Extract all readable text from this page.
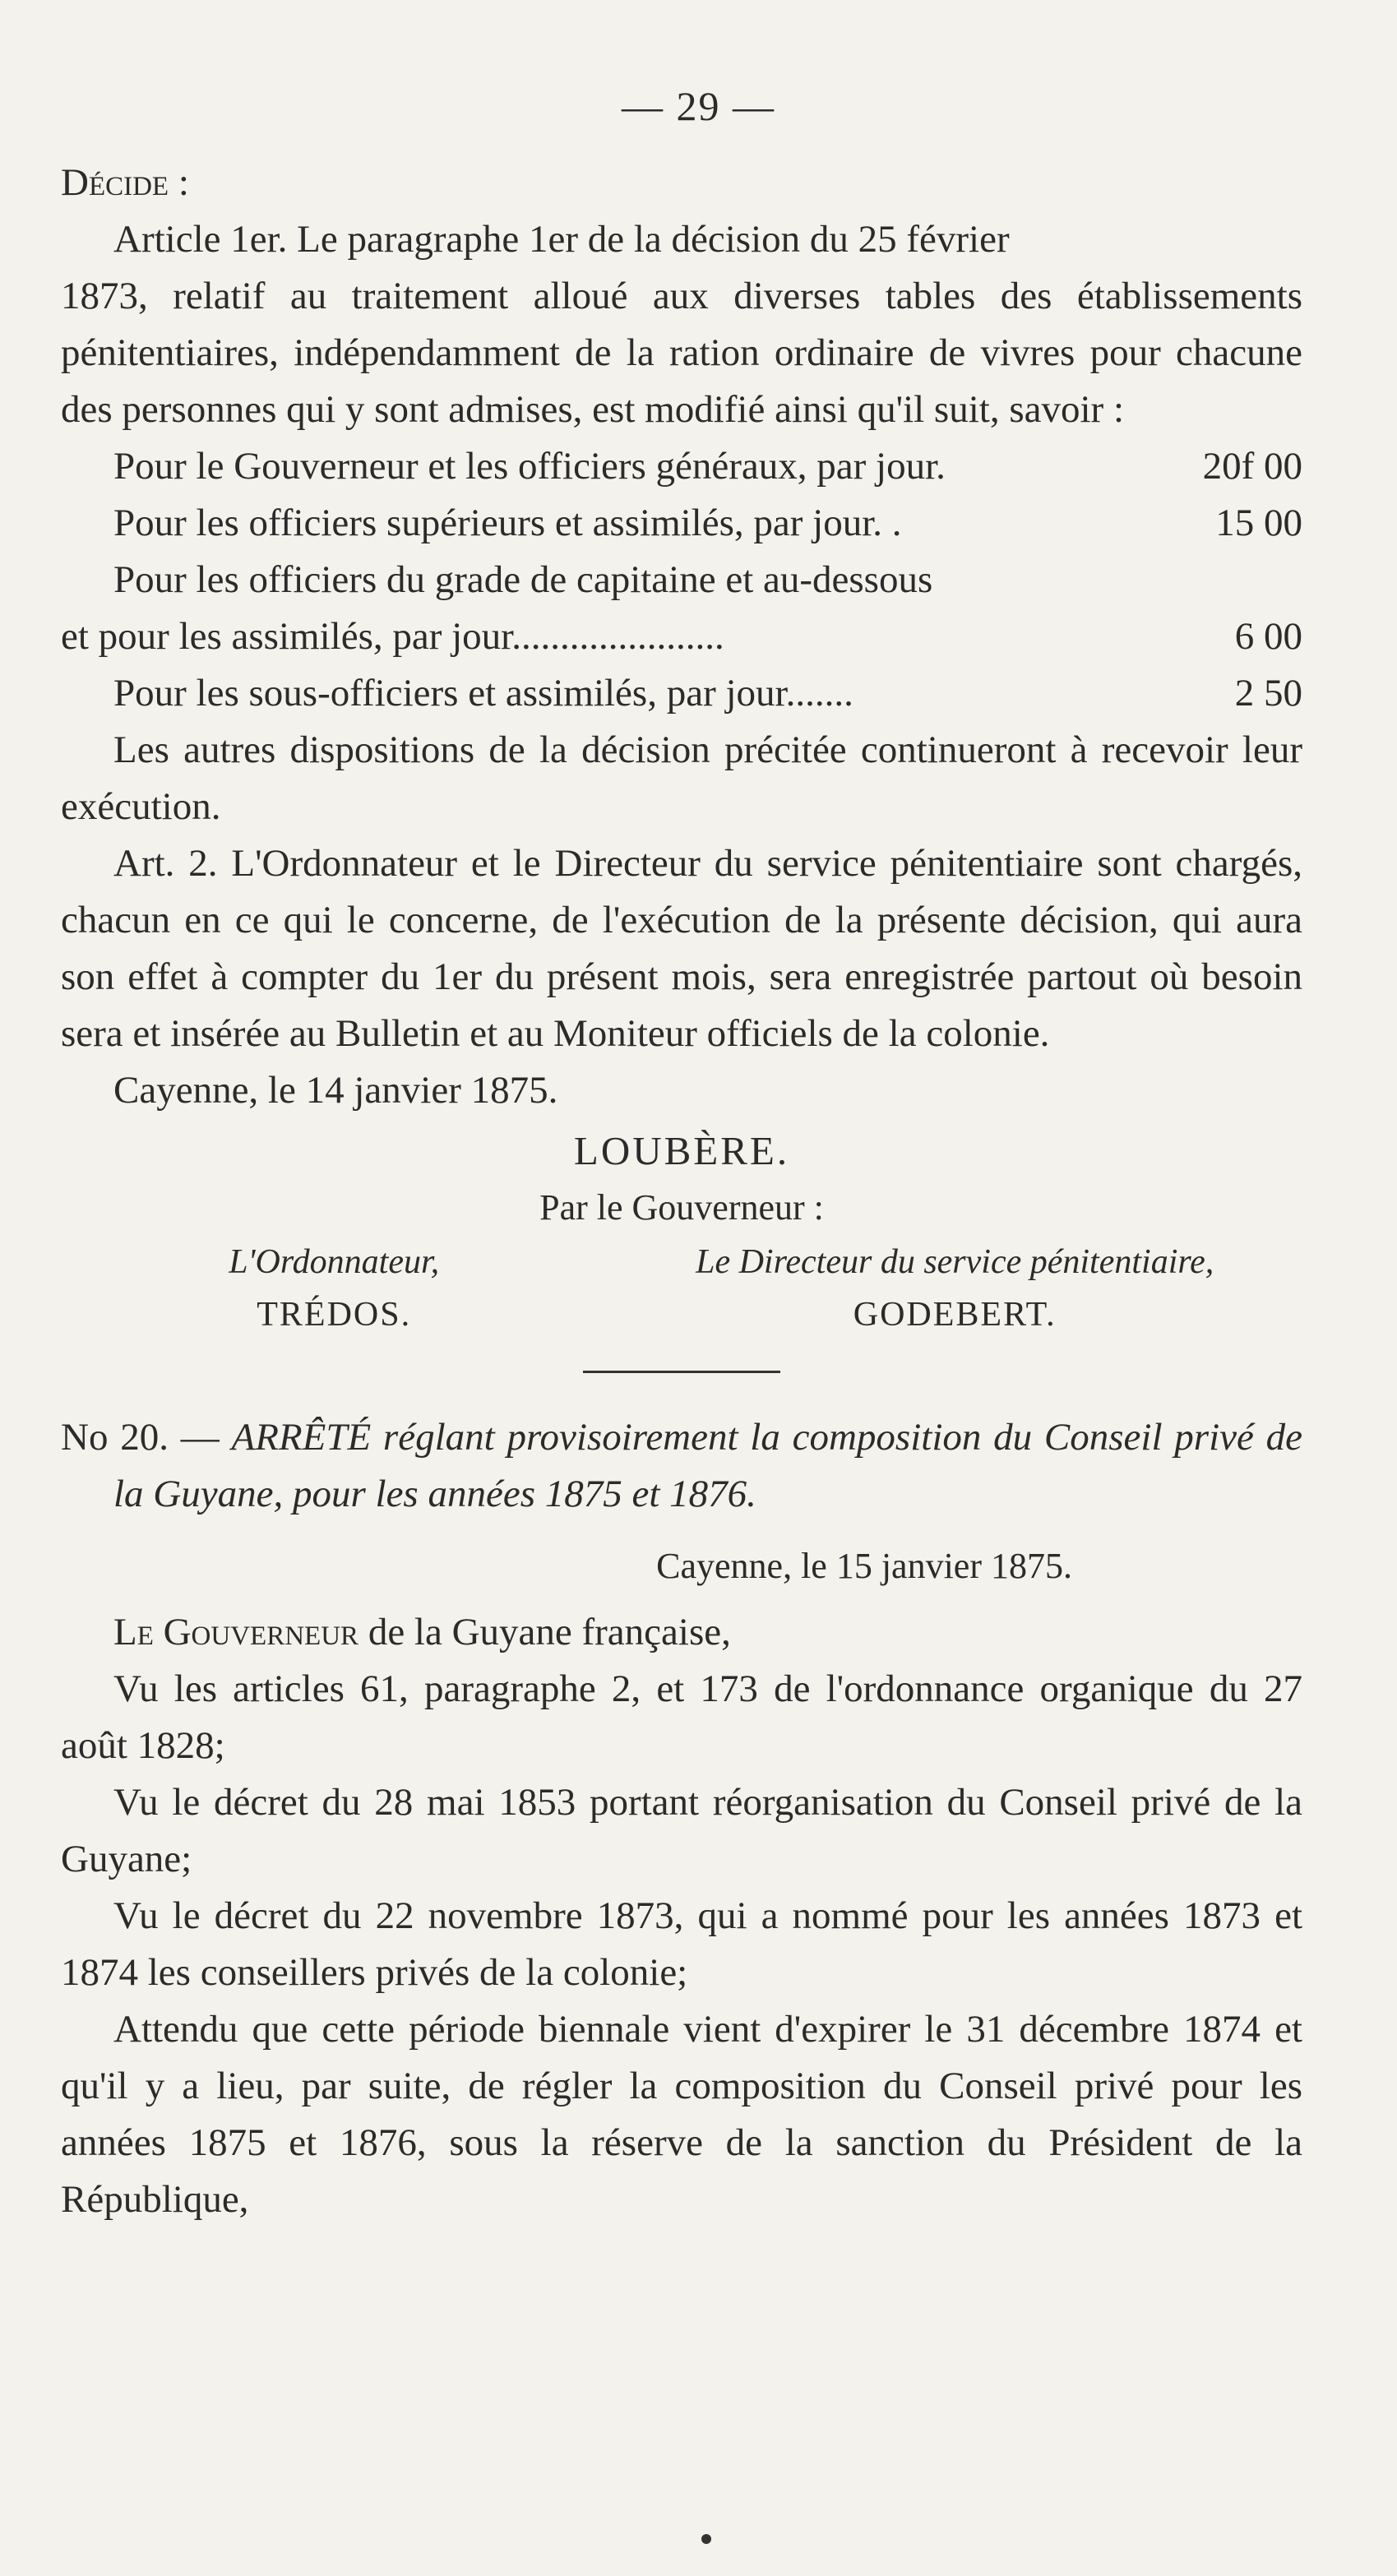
— 29 —

Décide :

Article 1er. Le paragraphe 1er de la décision du 25 février

1873, relatif au traitement alloué aux diverses tables des établissements pénitentiaires, indépendamment de la ration ordinaire de vivres pour chacune des personnes qui y sont admises, est modifié ainsi qu'il suit, savoir :

Pour le Gouverneur et les officiers généraux, par jour.	20f 00
Pour les officiers supérieurs et assimilés, par jour. .	15 00

Pour les officiers du grade de capitaine et au-dessous

et pour les assimilés, par jour......................	6 00
Pour les sous-officiers et assimilés, par jour.......	2 50

Les autres dispositions de la décision précitée continueront à recevoir leur exécution.

Art. 2. L'Ordonnateur et le Directeur du service pénitentiaire sont chargés, chacun en ce qui le concerne, de l'exécution de la présente décision, qui aura son effet à compter du 1er du présent mois, sera enregistrée partout où besoin sera et insérée au Bulletin et au Moniteur officiels de la colonie.

Cayenne, le 14 janvier 1875.

LOUBÈRE.

Par le Gouverneur :

L'Ordonnateur,
TRÉDOS.
Le Directeur du service pénitentiaire,
GODEBERT.

No 20. — ARRÊTÉ réglant provisoirement la composition du Conseil privé de la Guyane, pour les années 1875 et 1876.

Cayenne, le 15 janvier 1875.

Le Gouverneur de la Guyane française,

Vu les articles 61, paragraphe 2, et 173 de l'ordonnance organique du 27 août 1828;

Vu le décret du 28 mai 1853 portant réorganisation du Conseil privé de la Guyane;

Vu le décret du 22 novembre 1873, qui a nommé pour les années 1873 et 1874 les conseillers privés de la colonie;

Attendu que cette période biennale vient d'expirer le 31 décembre 1874 et qu'il y a lieu, par suite, de régler la composition du Conseil privé pour les années 1875 et 1876, sous la réserve de la sanction du Président de la République,
